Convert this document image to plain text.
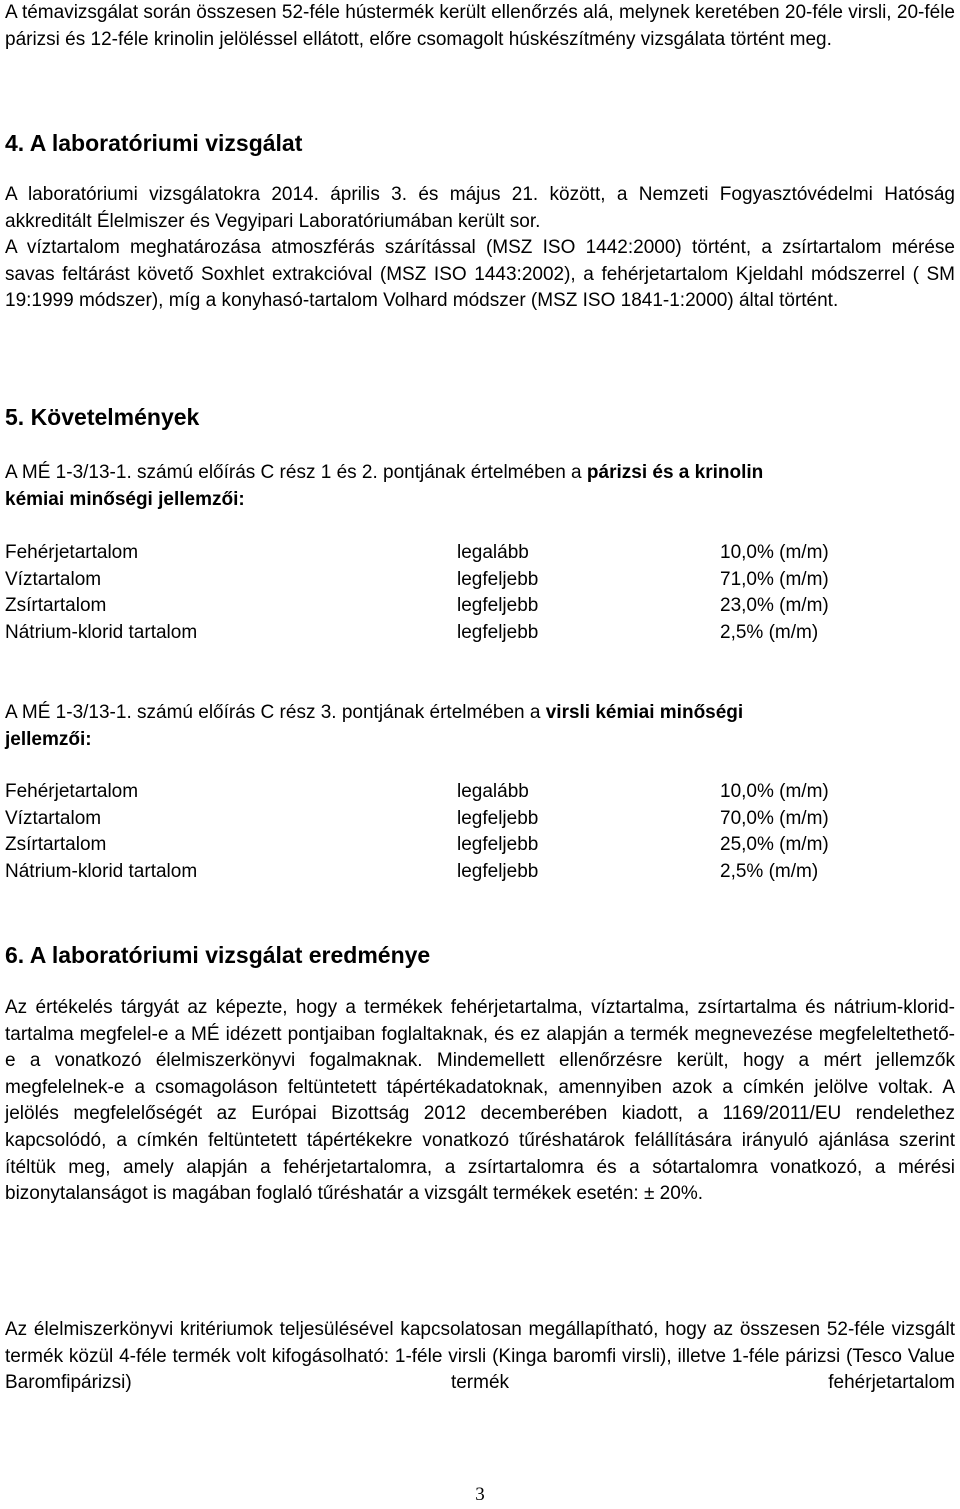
A témavizsgálat során összesen 52-féle hústermék került ellenőrzés alá, melynek keretében 20-féle virsli, 20-féle párizsi és 12-féle krinolin jelöléssel ellátott, előre csomagolt húskészítmény vizsgálata történt meg.

4. A laboratóriumi vizsgálat

A laboratóriumi vizsgálatokra 2014. április 3. és május 21. között, a Nemzeti Fogyasztóvédelmi Hatóság akkreditált Élelmiszer és Vegyipari Laboratóriumában került sor.

A víztartalom meghatározása atmoszférás szárítással (MSZ ISO 1442:2000) történt, a zsírtartalom mérése savas feltárást követő Soxhlet extrakcióval (MSZ ISO 1443:2002), a fehérjetartalom Kjeldahl módszerrel ( SM 19:1999 módszer), míg a konyhasó-tartalom Volhard módszer (MSZ ISO 1841-1:2000) által történt.

5. Követelmények

A MÉ 1-3/13-1. számú előírás C rész 1 és 2. pontjának értelmében a párizsi és a krinolin
kémiai minőségi jellemzői:

Fehérjetartalom	legalább	10,0% (m/m)
Víztartalom	legfeljebb	71,0% (m/m)
Zsírtartalom	legfeljebb	23,0% (m/m)
Nátrium-klorid tartalom	legfeljebb	2,5% (m/m)

A MÉ 1-3/13-1. számú előírás C rész 3. pontjának értelmében a virsli kémiai minőségi
jellemzői:

Fehérjetartalom	legalább	10,0% (m/m)
Víztartalom	legfeljebb	70,0% (m/m)
Zsírtartalom	legfeljebb	25,0% (m/m)
Nátrium-klorid tartalom	legfeljebb	2,5% (m/m)
6. A laboratóriumi vizsgálat eredménye

Az értékelés tárgyát az képezte, hogy a termékek fehérjetartalma, víztartalma, zsírtartalma és nátrium-klorid-tartalma megfelel-e a MÉ idézett pontjaiban foglaltaknak, és ez alapján a termék megnevezése megfeleltethető-e a vonatkozó élelmiszerkönyvi fogalmaknak. Mindemellett ellenőrzésre került, hogy a mért jellemzők megfelelnek-e a csomagoláson feltüntetett tápértékadatoknak, amennyiben azok a címkén jelölve voltak. A jelölés megfelelőségét az Európai Bizottság 2012 decemberében kiadott, a 1169/2011/EU rendelethez kapcsolódó, a címkén feltüntetett tápértékekre vonatkozó tűréshatárok felállítására irányuló ajánlása szerint ítéltük meg, amely alapján a fehérjetartalomra, a zsírtartalomra és a sótartalomra vonatkozó, a mérési bizonytalanságot is magában foglaló tűréshatár a vizsgált termékek esetén: ± 20%.

Az élelmiszerkönyvi kritériumok teljesülésével kapcsolatosan megállapítható, hogy az összesen 52-féle vizsgált termék közül 4-féle termék volt kifogásolható: 1-féle virsli (Kinga baromfi virsli), illetve 1-féle párizsi (Tesco Value Baromfipárizsi) termék fehérjetartalom

3
